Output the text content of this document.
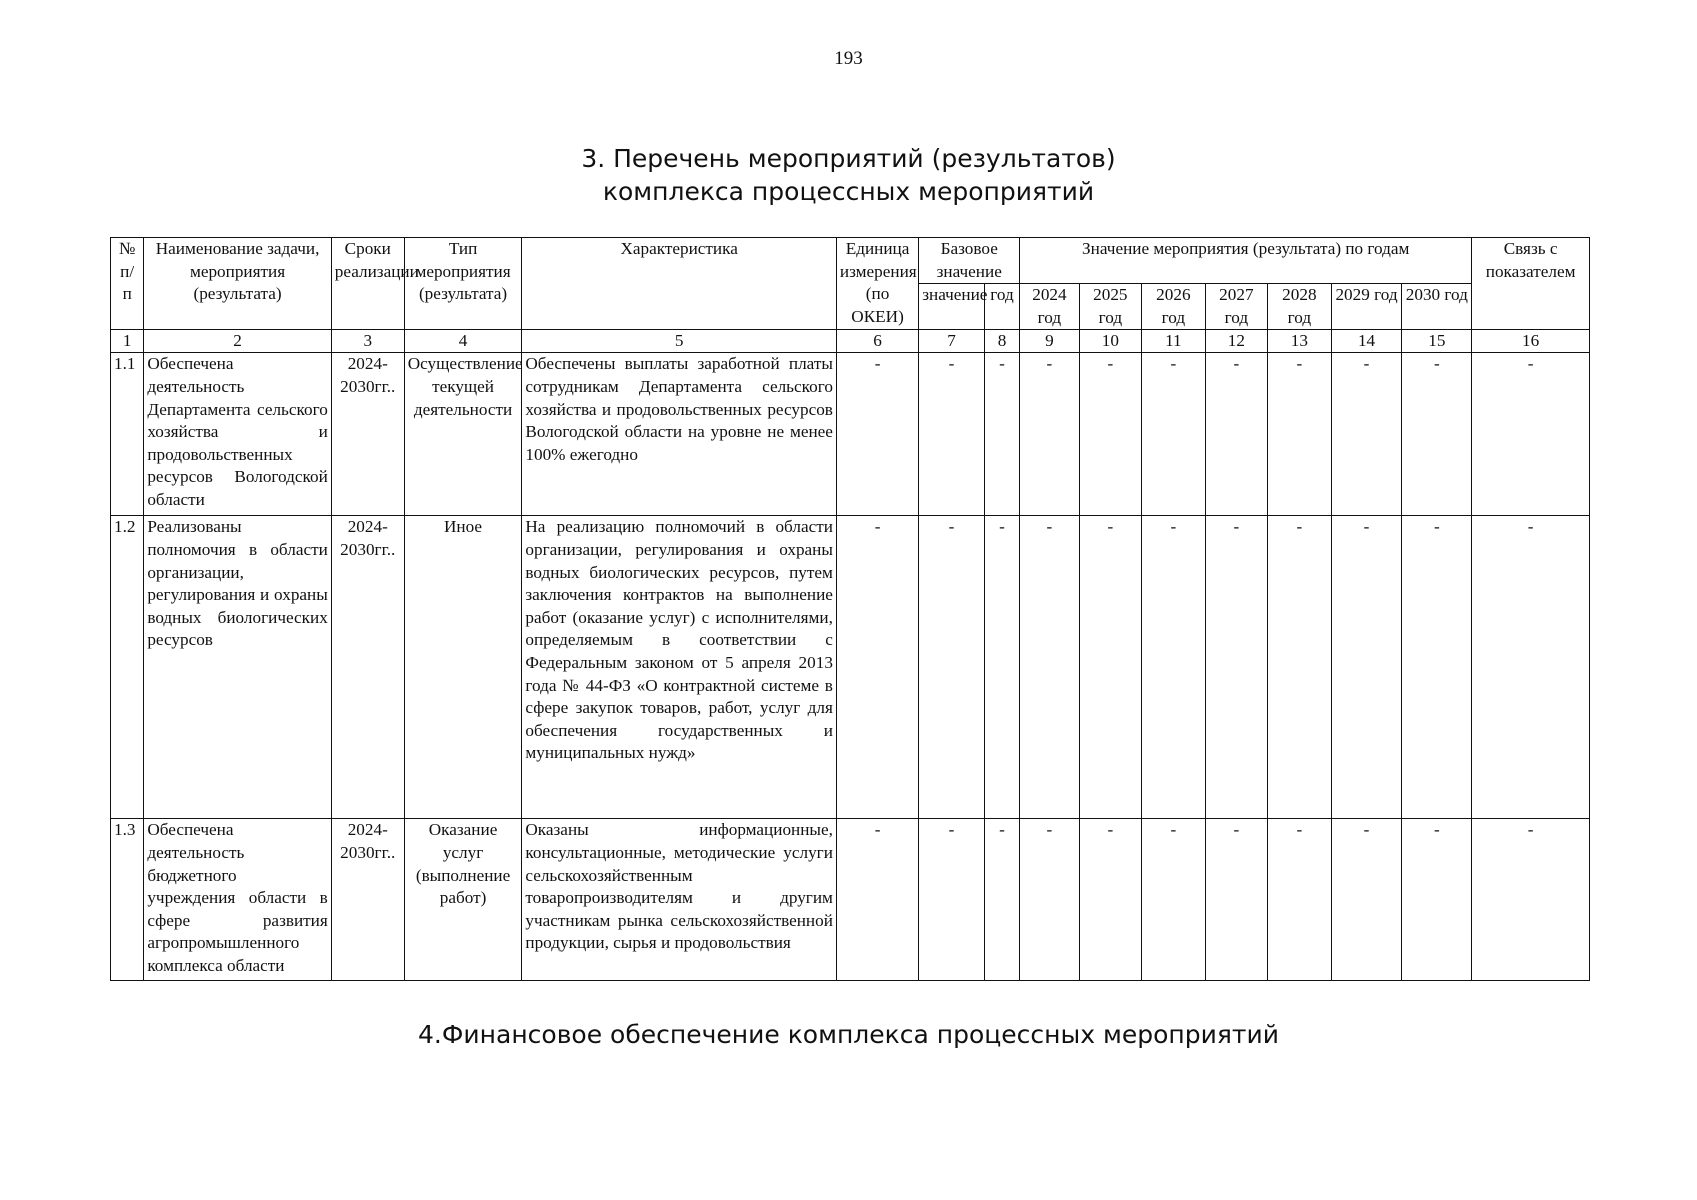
193
3. Перечень мероприятий (результатов)
комплекса процессных мероприятий
№ п/ п	Наименование задачи, мероприятия (результата)	Сроки реализации	Тип мероприятия (результата)	Характеристика	Единица измерения (по ОКЕИ)	Базовое значение		Значение мероприятия (результата) по годам							Связь с показателем
						значение	год	2024 год	2025 год	2026 год	2027 год	2028 год	2029 год	2030 год	
1	2	3	4	5	6	7	8	9	10	11	12	13	14	15	16
1.1	Обеспечена деятельность Департамента сельского хозяйства и продовольственных ресурсов Вологодской области	2024-2030гг..	Осуществление текущей деятельности	Обеспечены выплаты заработной платы сотрудникам Департамента сельского хозяйства и продовольственных ресурсов Вологодской области на уровне не менее 100% ежегодно	-	-	-	-	-	-	-	-	-	-	-
1.2	Реализованы полномочия в области организации, регулирования и охраны водных биологических ресурсов	2024-2030гг..	Иное	На реализацию полномочий в области организации, регулирования и охраны водных биологических ресурсов, путем заключения контрактов на выполнение работ (оказание услуг) с исполнителями, определяемым в соответствии с Федеральным законом от 5 апреля 2013 года № 44-ФЗ «О контрактной системе в сфере закупок товаров, работ, услуг для обеспечения государственных и муниципальных нужд»	-	-	-	-	-	-	-	-	-	-	-
1.3	Обеспечена деятельность бюджетного учреждения области в сфере развития агропромышленного комплекса области	2024-2030гг..	Оказание услуг (выполнение работ)	Оказаны информационные, консультационные, методические услуги сельскохозяйственным товаропроизводителям и другим участникам рынка сельскохозяйственной продукции, сырья и продовольствия	-	-	-	-	-	-	-	-	-	-	-
4.Финансовое обеспечение комплекса процессных мероприятий
